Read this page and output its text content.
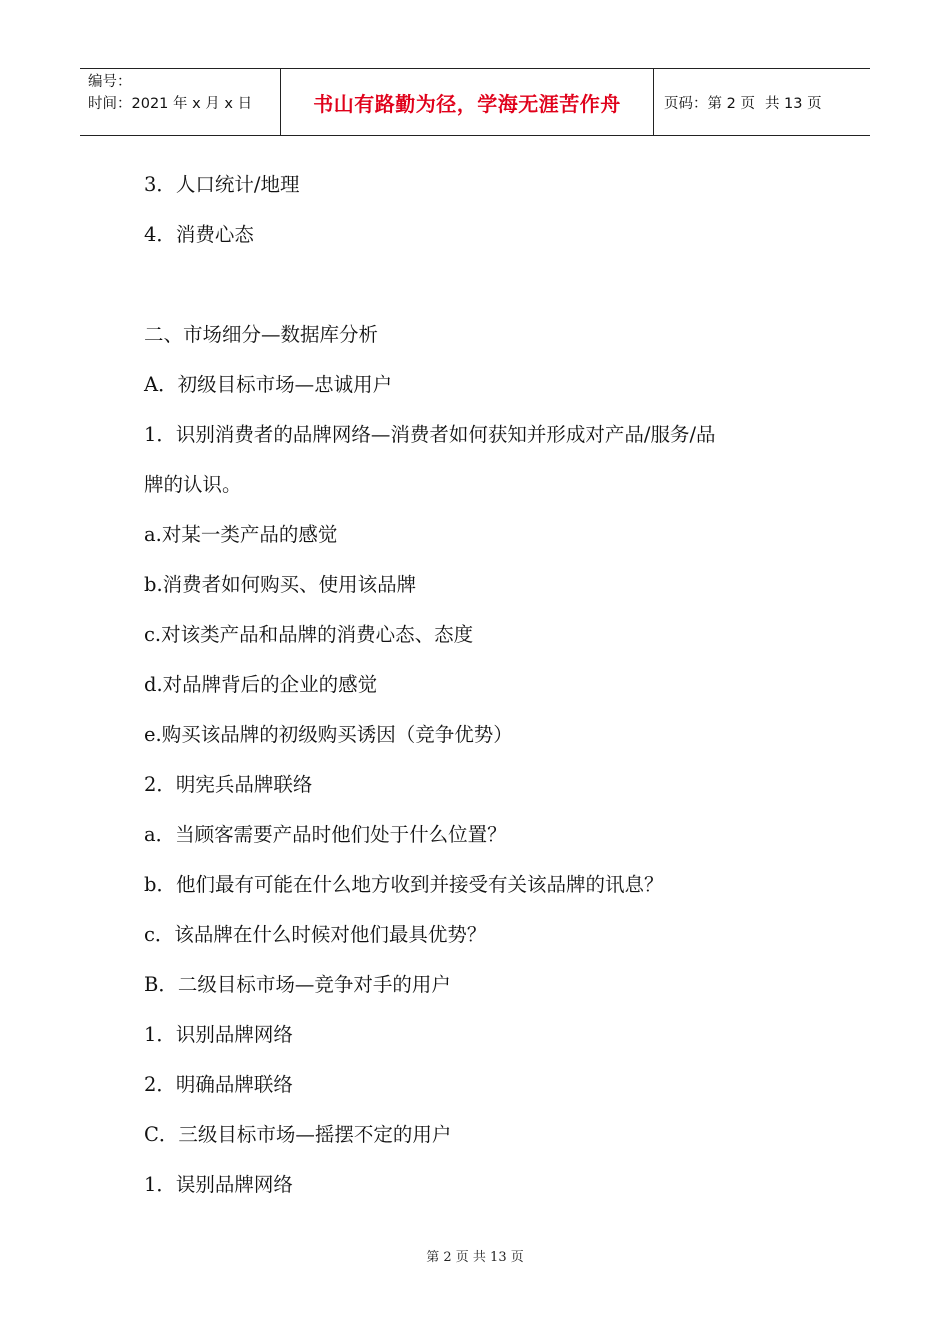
编号：
时间：2021 年 x 月 x 日	书山有路勤为径，学海无涯苦作舟	页码：第 2 页 共 13 页
3．人口统计/地理
4．消费心态
二、市场细分—数据库分析
A．初级目标市场—忠诚用户
1．识别消费者的品牌网络—消费者如何获知并形成对产品/服务/品
牌的认识。
a.对某一类产品的感觉
b.消费者如何购买、使用该品牌
c.对该类产品和品牌的消费心态、态度
d.对品牌背后的企业的感觉
e.购买该品牌的初级购买诱因（竞争优势）
2．明宪兵品牌联络
a．当顾客需要产品时他们处于什么位置？
b．他们最有可能在什么地方收到并接受有关该品牌的讯息？
c．该品牌在什么时候对他们最具优势？
B．二级目标市场—竞争对手的用户
1．识别品牌网络
2．明确品牌联络
C．三级目标市场—摇摆不定的用户
1．误别品牌网络
第 2 页 共 13 页
